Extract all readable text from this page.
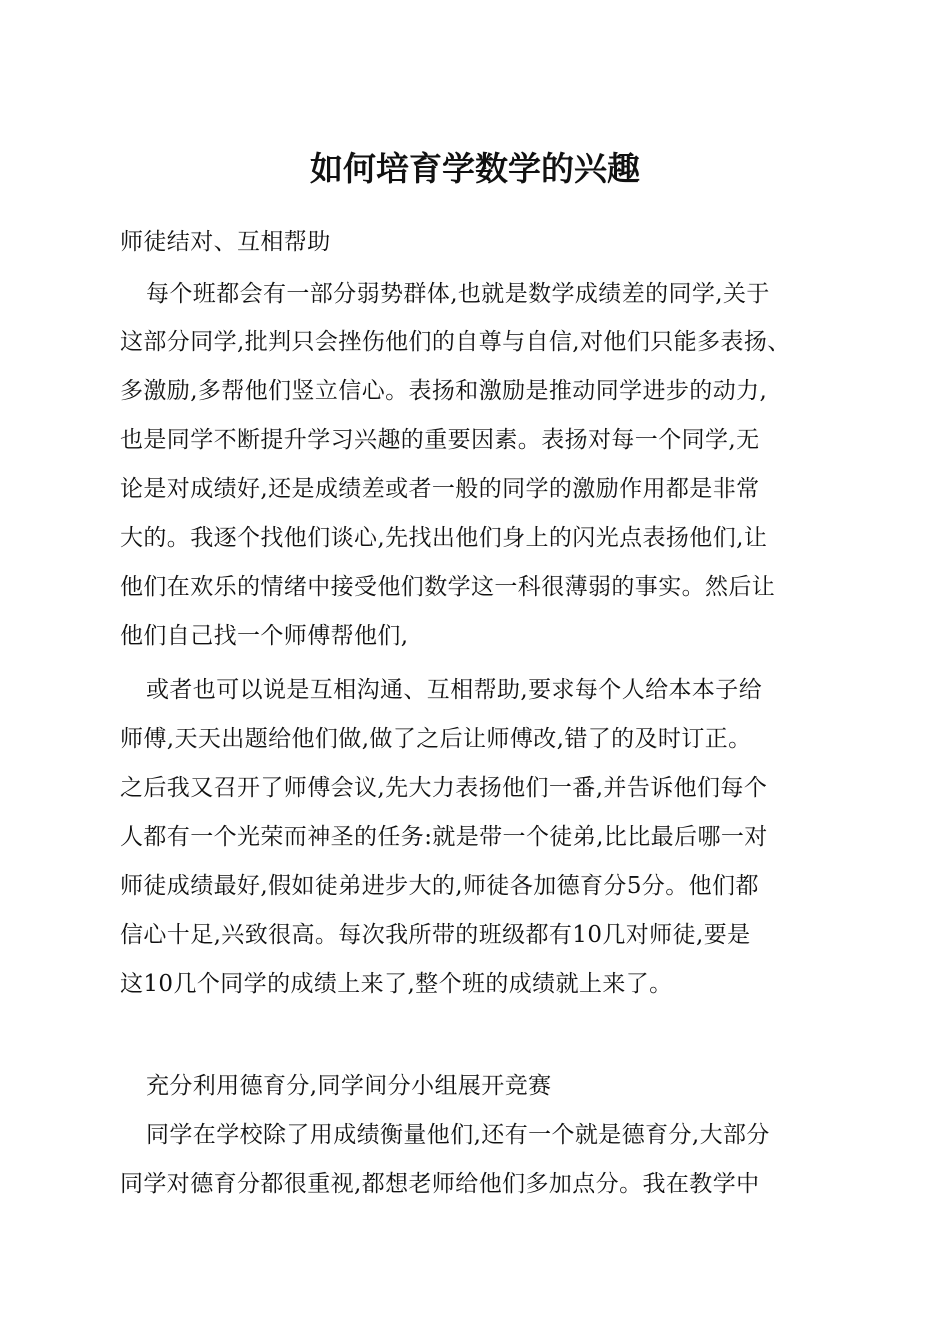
如何培育学数学的兴趣
师徒结对、互相帮助
每个班都会有一部分弱势群体,也就是数学成绩差的同学,关于
这部分同学,批判只会挫伤他们的自尊与自信,对他们只能多表扬、
多激励,多帮他们竖立信心。表扬和激励是推动同学进步的动力,
也是同学不断提升学习兴趣的重要因素。表扬对每一个同学,无
论是对成绩好,还是成绩差或者一般的同学的激励作用都是非常
大的。我逐个找他们谈心,先找出他们身上的闪光点表扬他们,让
他们在欢乐的情绪中接受他们数学这一科很薄弱的事实。然后让
他们自己找一个师傅帮他们,
或者也可以说是互相沟通、互相帮助,要求每个人给本本子给
师傅,天天出题给他们做,做了之后让师傅改,错了的及时订正。
之后我又召开了师傅会议,先大力表扬他们一番,并告诉他们每个
人都有一个光荣而神圣的任务:就是带一个徒弟,比比最后哪一对
师徒成绩最好,假如徒弟进步大的,师徒各加德育分5分。他们都
信心十足,兴致很高。每次我所带的班级都有10几对师徒,要是
这10几个同学的成绩上来了,整个班的成绩就上来了。
充分利用德育分,同学间分小组展开竞赛
同学在学校除了用成绩衡量他们,还有一个就是德育分,大部分
同学对德育分都很重视,都想老师给他们多加点分。我在教学中
